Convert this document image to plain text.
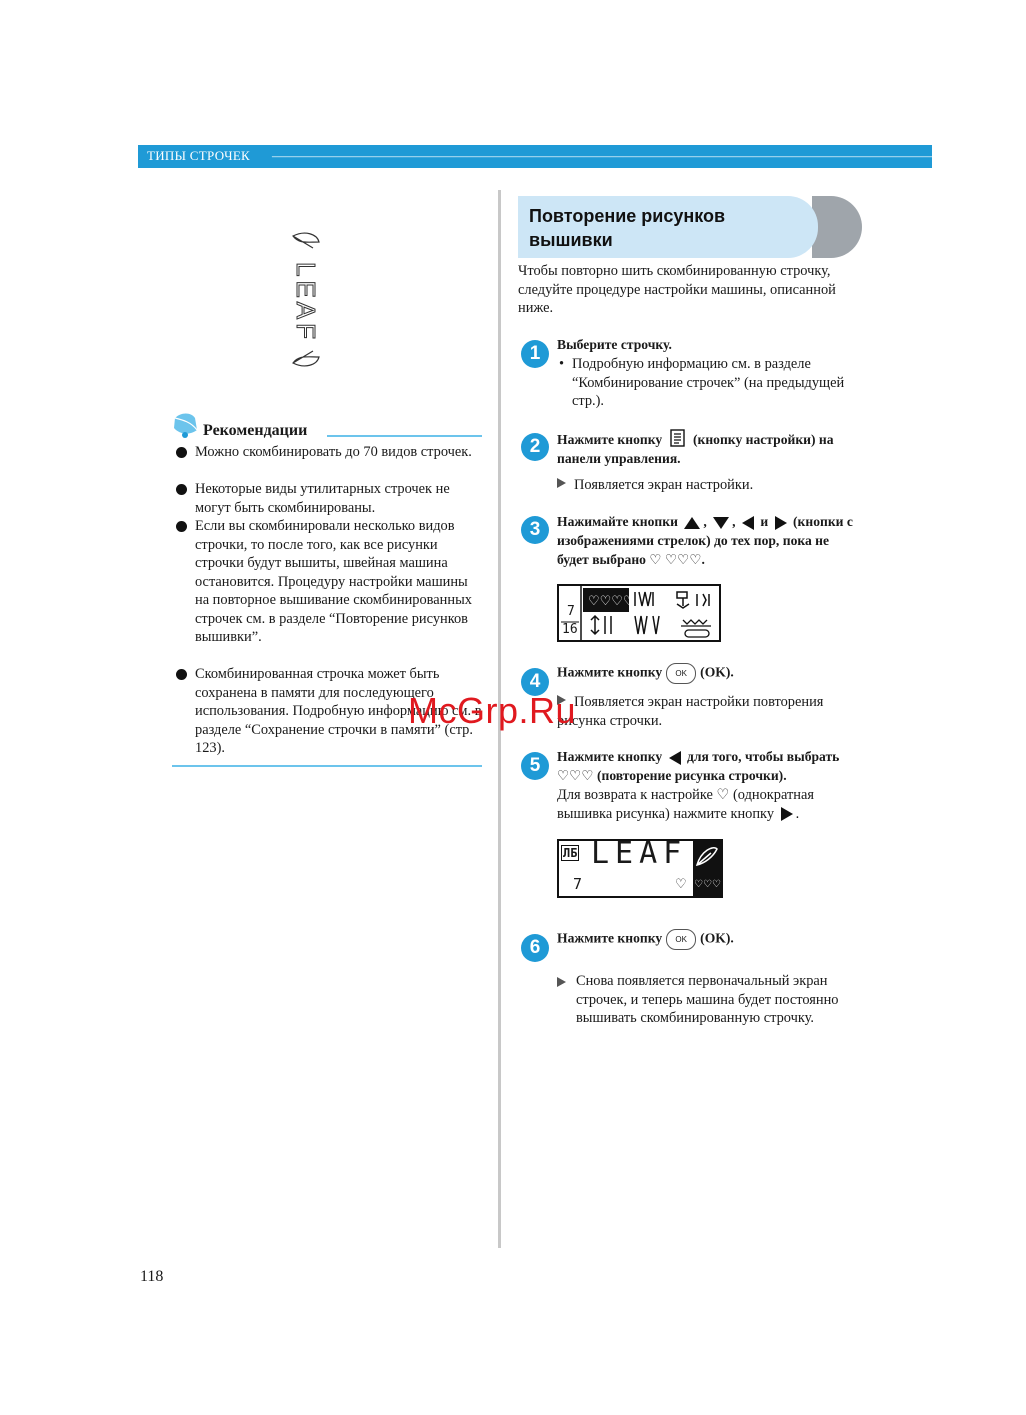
ТИПЫ СТРОЧЕК ——————————————————————————————————————————————————————————
LEAF
Рекомендации
Можно скомбинировать до 70 видов строчек.
Некоторые виды утилитарных строчек не могут быть скомбинированы.
Если вы скомбинировали несколько видов строчки, то после того, как все рисунки строчки будут вышиты, швейная машина остановится. Процедуру настройки машины на повторное вышивание скомбинированных строчек см. в разделе “Повторение рисунков вышивки”.
Скомбинированная строчка может быть сохранена в памяти для последующего использования. Подробную информацию см. в разделе “Сохранение строчки в памяти” (стр. 123).
Повторение рисунков вышивки
Чтобы повторно шить скомбинированную строчку, следуйте процедуре настройки машины, описанной ниже.
1	Выберите строчку.
• Подробную информацию см. в разделе “Комбинирование строчек” (на предыдущей стр.).
2	Нажмите кнопку (кнопку настройки) на панели управления.
Появляется экран настройки.
3	Нажимайте кнопки , , и (кнопки с изображениями стрелок) до тех пор, пока не будет выбрано ♡ ♡♡♡.
♡♡♡♡
7
16
4	Нажмите кнопку OK (OK).
Появляется экран настройки повторения рисунка строчки.
5	Нажмите кнопку для того, чтобы выбрать ♡♡♡ (повторение рисунка строчки).
Для возврата к настройке ♡ (однократная вышивка рисунка) нажмите кнопку .
ЛБ LEAF
7	♡ ♡♡♡
6	Нажмите кнопку OK (OK).
Снова появляется первоначальный экран строчек, и теперь машина будет постоянно вышивать скомбинированную строчку.
118
McGrp.Ru
